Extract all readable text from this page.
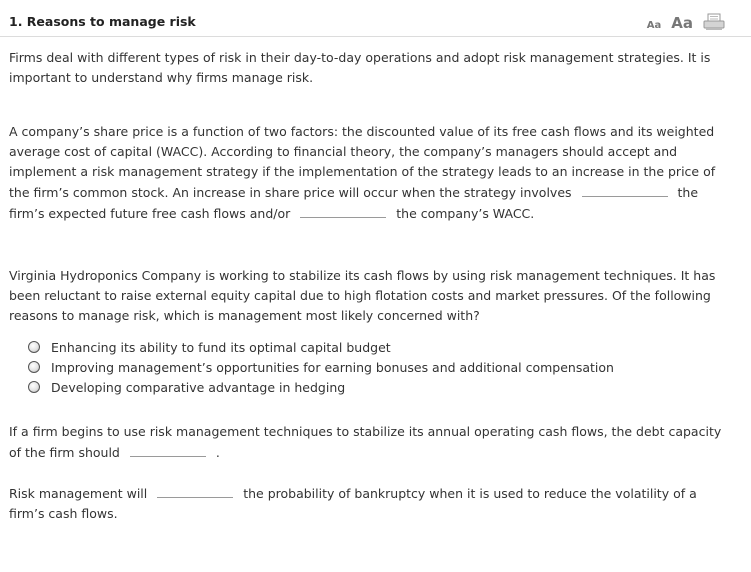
1. Reasons to manage risk	Aa Aa

Firms deal with different types of risk in their day-to-day operations and adopt risk management strategies. It is important to understand why firms manage risk.

A company’s share price is a function of two factors: the discounted value of its free cash flows and its weighted average cost of capital (WACC). According to financial theory, the company’s managers should accept and implement a risk management strategy if the implementation of the strategy leads to an increase in the price of the firm’s common stock. An increase in share price will occur when the strategy involves	the firm’s expected future free cash flows and/or	the company’s WACC.

Virginia Hydroponics Company is working to stabilize its cash flows by using risk management techniques. It has been reluctant to raise external equity capital due to high flotation costs and market pressures. Of the following reasons to manage risk, which is management most likely concerned with?

Enhancing its ability to fund its optimal capital budget
Improving management’s opportunities for earning bonuses and additional compensation
Developing comparative advantage in hedging

If a firm begins to use risk management techniques to stabilize its annual operating cash flows, the debt capacity of the firm should	.

Risk management will	the probability of bankruptcy when it is used to reduce the volatility of a firm’s cash flows.
